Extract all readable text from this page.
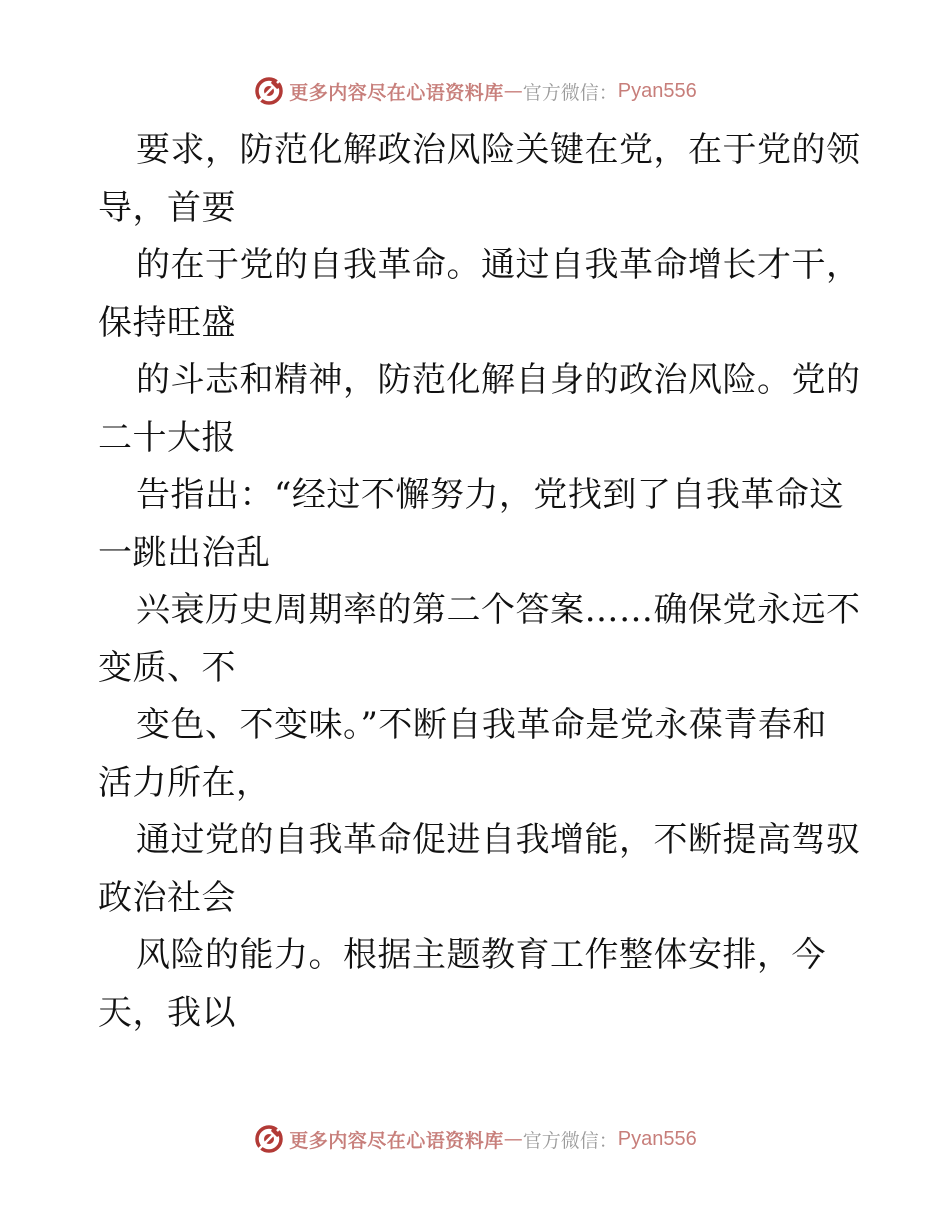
更多内容尽在心语资料库 — 官方微信： Pyan556
要求，防范化解政治风险关键在党，在于党的领
导，首要
的在于党的自我革命。通过自我革命增长才干，
保持旺盛
的斗志和精神，防范化解自身的政治风险。党的
二十大报
告指出：“经过不懈努力，党找到了自我革命这
一跳出治乱
兴衰历史周期率的第二个答案……确保党永远不
变质、不
变色、不变味。”不断自我革命是党永葆青春和
活力所在，
通过党的自我革命促进自我增能，不断提高驾驭
政治社会
风险的能力。根据主题教育工作整体安排，今
天，我以
更多内容尽在心语资料库 — 官方微信： Pyan556
